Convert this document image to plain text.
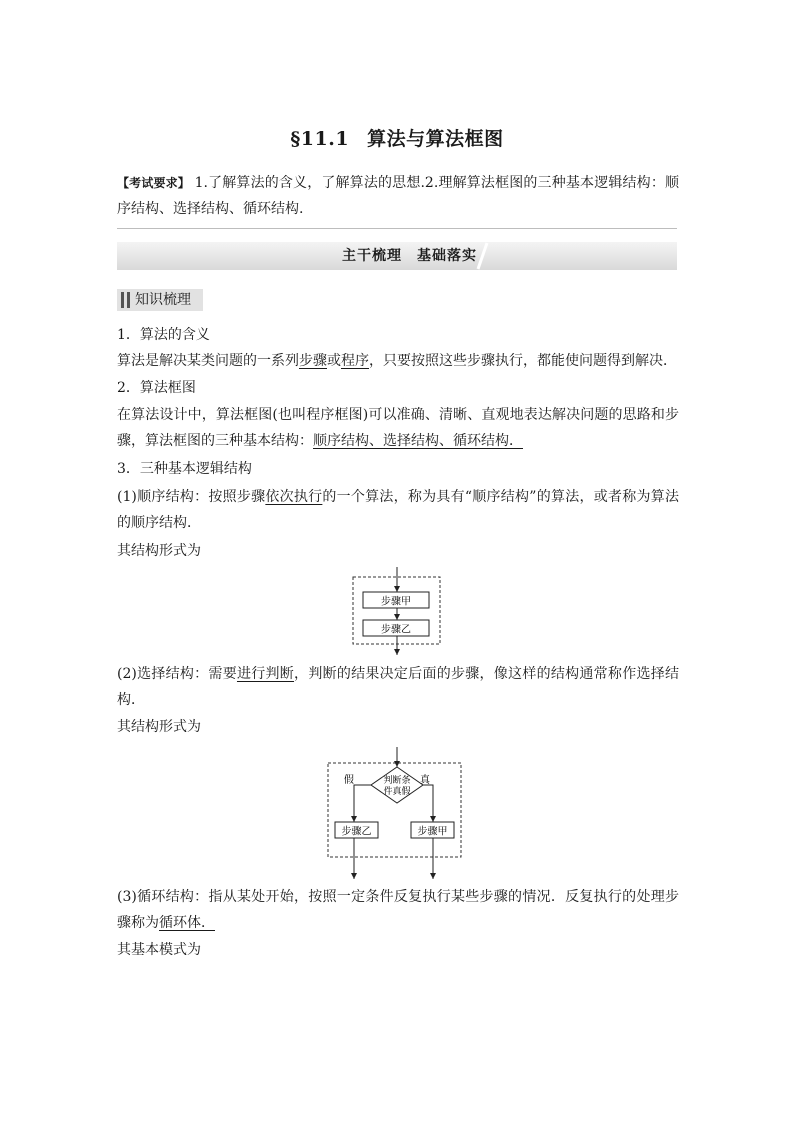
§11.1 算法与算法框图
【考试要求】 1.了解算法的含义，了解算法的思想.2.理解算法框图的三种基本逻辑结构：顺序结构、选择结构、循环结构.
主干梳理　基础落实
知识梳理
1．算法的含义
算法是解决某类问题的一系列步骤或程序，只要按照这些步骤执行，都能使问题得到解决．
2．算法框图
在算法设计中，算法框图(也叫程序框图)可以准确、清晰、直观地表达解决问题的思路和步骤，算法框图的三种基本结构：顺序结构、选择结构、循环结构．
3．三种基本逻辑结构
(1)顺序结构：按照步骤依次执行的一个算法，称为具有“顺序结构”的算法，或者称为算法的顺序结构．
其结构形式为
步骤甲
步骤乙
(2)选择结构：需要进行判断，判断的结果决定后面的步骤，像这样的结构通常称作选择结构．
其结构形式为
判断条
件真假
假	真
步骤乙	步骤甲
(3)循环结构：指从某处开始，按照一定条件反复执行某些步骤的情况．反复执行的处理步骤称为循环体．
其基本模式为
